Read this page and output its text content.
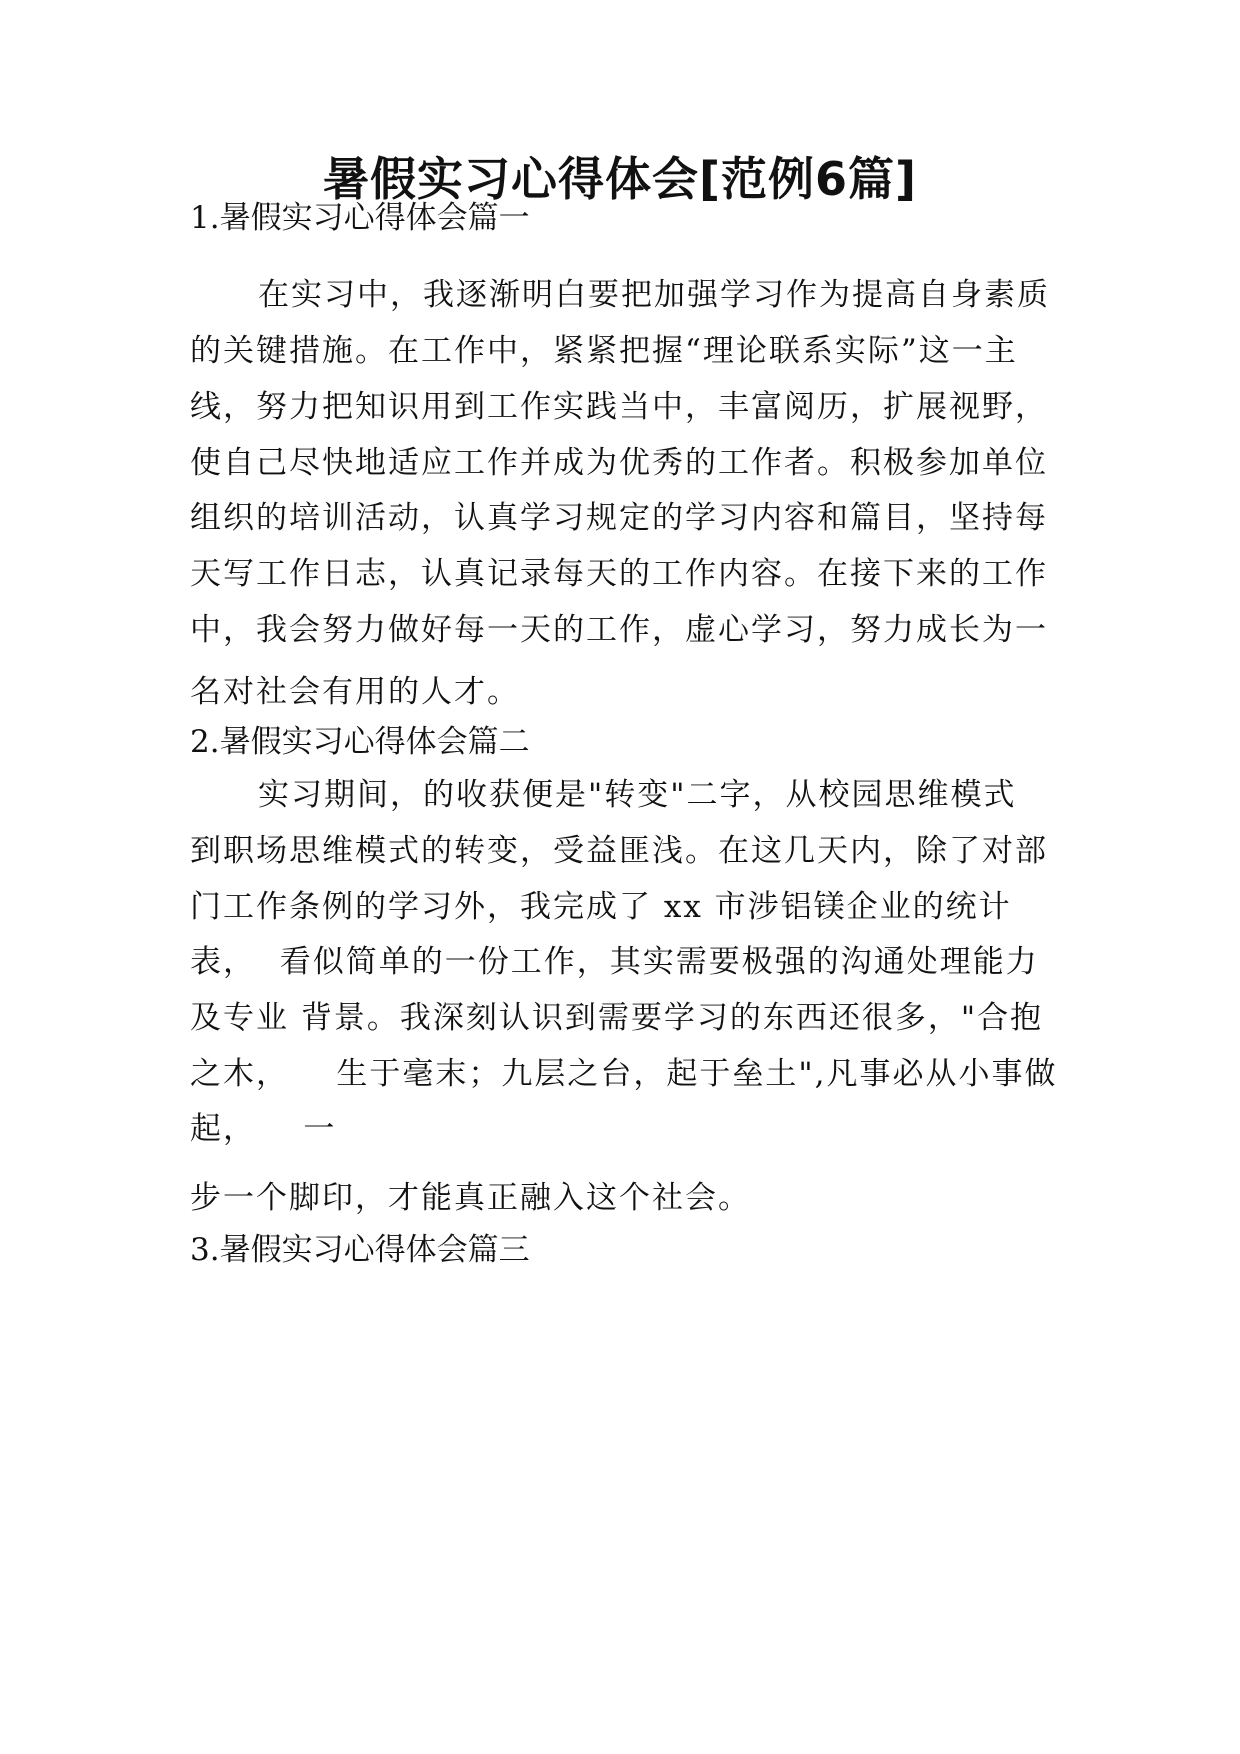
暑假实习心得体会[范例6篇]
1.暑假实习心得体会篇一
在实习中，我逐渐明白要把加强学习作为提高自身素质
的关键措施。在工作中，紧紧把握“理论联系实际”这一主
线，努力把知识用到工作实践当中，丰富阅历，扩展视野，
使自己尽快地适应工作并成为优秀的工作者。积极参加单位
组织的培训活动，认真学习规定的学习内容和篇目，坚持每
天写工作日志，认真记录每天的工作内容。在接下来的工作
中，我会努力做好每一天的工作，虚心学习，努力成长为一
名对社会有用的人才。
2.暑假实习心得体会篇二
实习期间，的收获便是"转变"二字，从校园思维模式
到职场思维模式的转变，受益匪浅。在这几天内，除了对部
门工作条例的学习外，我完成了 xx 市涉铝镁企业的统计
表，  看似简单的一份工作，其实需要极强的沟通处理能力
及专业 背景。我深刻认识到需要学习的东西还很多，"合抱
之木，    生于毫末；九层之台，起于垒土",凡事必从小事做
起，    一
步一个脚印，才能真正融入这个社会。
3.暑假实习心得体会篇三
